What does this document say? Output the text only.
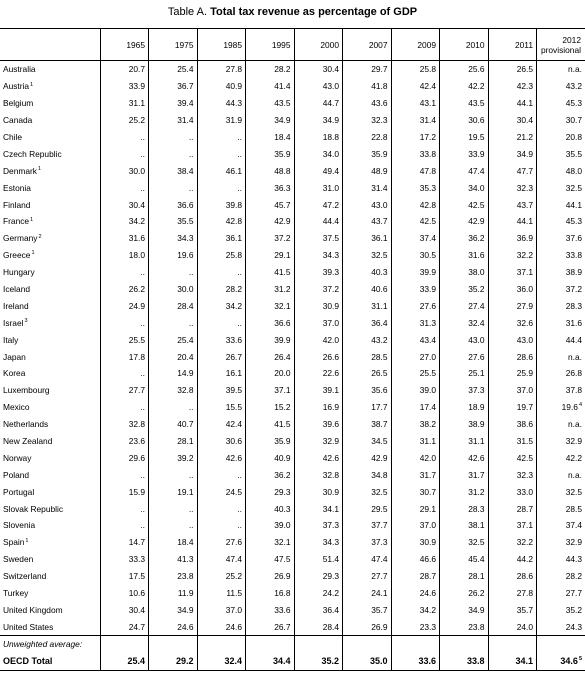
Table A. Total tax revenue as percentage of GDP
	1965	1975	1985	1995	2000	2007	2009	2010	2011	2012
provisional

Australia	20.7	25.4	27.8	28.2	30.4	29.7	25.8	25.6	26.5	n.a.
Austria$^1$	33.9	36.7	40.9	41.4	43.0	41.8	42.4	42.2	42.3	43.2
Belgium	31.1	39.4	44.3	43.5	44.7	43.6	43.1	43.5	44.1	45.3
Canada	25.2	31.4	31.9	34.9	34.9	32.3	31.4	30.6	30.4	30.7
Chile	..	..	..	18.4	18.8	22.8	17.2	19.5	21.2	20.8
Czech Republic	..	..	..	35.9	34.0	35.9	33.8	33.9	34.9	35.5
Denmark$^1$	30.0	38.4	46.1	48.8	49.4	48.9	47.8	47.4	47.7	48.0
Estonia	..	..	..	36.3	31.0	31.4	35.3	34.0	32.3	32.5
Finland	30.4	36.6	39.8	45.7	47.2	43.0	42.8	42.5	43.7	44.1
France$^1$	34.2	35.5	42.8	42.9	44.4	43.7	42.5	42.9	44.1	45.3
Germany$^2$	31.6	34.3	36.1	37.2	37.5	36.1	37.4	36.2	36.9	37.6
Greece$^1$	18.0	19.6	25.8	29.1	34.3	32.5	30.5	31.6	32.2	33.8
Hungary	..	..	..	41.5	39.3	40.3	39.9	38.0	37.1	38.9
Iceland	26.2	30.0	28.2	31.2	37.2	40.6	33.9	35.2	36.0	37.2
Ireland	24.9	28.4	34.2	32.1	30.9	31.1	27.6	27.4	27.9	28.3
Israel$^3$	..	..	..	36.6	37.0	36.4	31.3	32.4	32.6	31.6
Italy	25.5	25.4	33.6	39.9	42.0	43.2	43.4	43.0	43.0	44.4
Japan	17.8	20.4	26.7	26.4	26.6	28.5	27.0	27.6	28.6	n.a.
Korea	..	14.9	16.1	20.0	22.6	26.5	25.5	25.1	25.9	26.8
Luxembourg	27.7	32.8	39.5	37.1	39.1	35.6	39.0	37.3	37.0	37.8
Mexico	..	..	15.5	15.2	16.9	17.7	17.4	18.9	19.7	19.6$^4$
Netherlands	32.8	40.7	42.4	41.5	39.6	38.7	38.2	38.9	38.6	n.a.
New Zealand	23.6	28.1	30.6	35.9	32.9	34.5	31.1	31.1	31.5	32.9
Norway	29.6	39.2	42.6	40.9	42.6	42.9	42.0	42.6	42.5	42.2
Poland	..	..	..	36.2	32.8	34.8	31.7	31.7	32.3	n.a.
Portugal	15.9	19.1	24.5	29.3	30.9	32.5	30.7	31.2	33.0	32.5
Slovak Republic	..	..	..	40.3	34.1	29.5	29.1	28.3	28.7	28.5
Slovenia	..	..	..	39.0	37.3	37.7	37.0	38.1	37.1	37.4
Spain$^1$	14.7	18.4	27.6	32.1	34.3	37.3	30.9	32.5	32.2	32.9
Sweden	33.3	41.3	47.4	47.5	51.4	47.4	46.6	45.4	44.2	44.3
Switzerland	17.5	23.8	25.2	26.9	29.3	27.7	28.7	28.1	28.6	28.2
Turkey	10.6	11.9	11.5	16.8	24.2	24.1	24.6	26.2	27.8	27.7
United Kingdom	30.4	34.9	37.0	33.6	36.4	35.7	34.2	34.9	35.7	35.2
United States	24.7	24.6	24.6	26.7	28.4	26.9	23.3	23.8	24.0	24.3
Unweighted average:										
OECD Total	25.4	29.2	32.4	34.4	35.2	35.0	33.6	33.8	34.1	34.6$^5$
